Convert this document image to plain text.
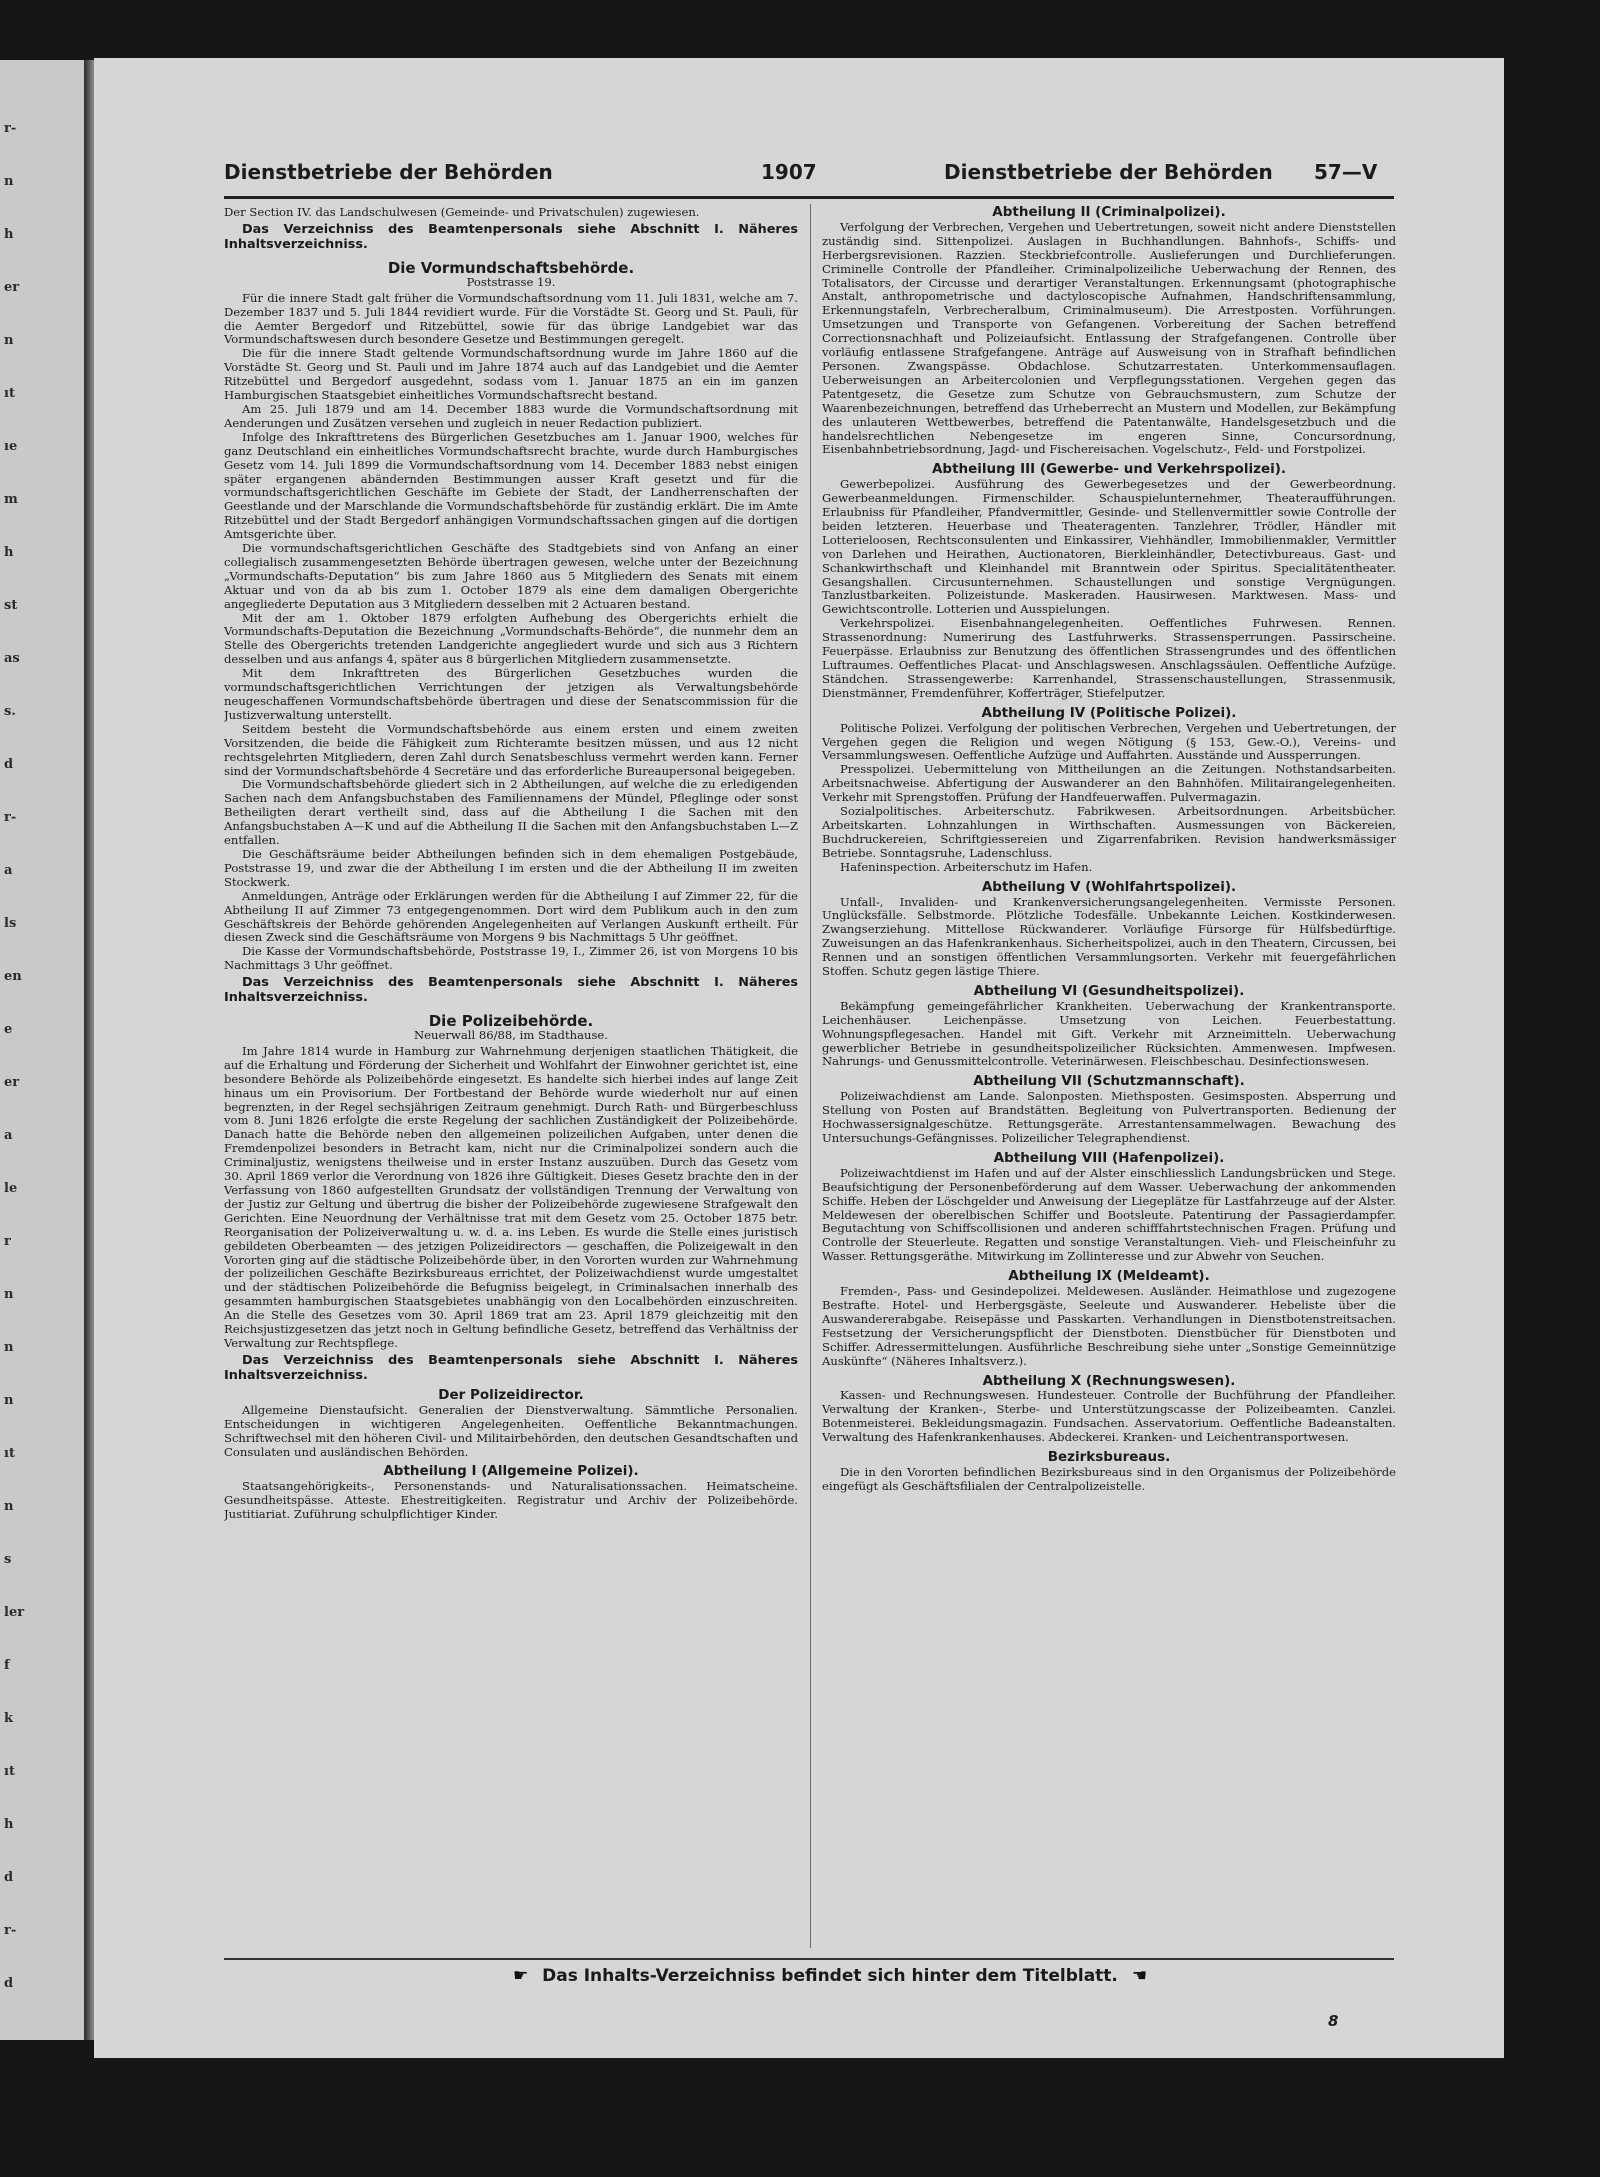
r-
n
h
er
n
ıt
ıe
m
h
st
as
s.
d
r-
a
ls
en
e
er
a
le
r
n
n
n
ıt
n
s
ler
f
k
ıt
h
d
r-
d
Dienstbetriebe der Behörden	1907	Dienstbetriebe der Behörden 57—V

Der Section IV. das Landschulwesen (Gemeinde- und Privatschulen) zugewiesen.

Das Verzeichniss des Beamtenpersonals siehe Abschnitt I. Näheres Inhaltsverzeichniss.

Die Vormundschaftsbehörde.

Poststrasse 19.

Für die innere Stadt galt früher die Vormundschaftsordnung vom 11. Juli 1831, welche am 7. Dezember 1837 und 5. Juli 1844 revidiert wurde. Für die Vorstädte St. Georg und St. Pauli, für die Aemter Bergedorf und Ritzebüttel, sowie für das übrige Landgebiet war das Vormundschaftswesen durch besondere Gesetze und Bestimmungen geregelt.

Die für die innere Stadt geltende Vormundschaftsordnung wurde im Jahre 1860 auf die Vorstädte St. Georg und St. Pauli und im Jahre 1874 auch auf das Landgebiet und die Aemter Ritzebüttel und Bergedorf ausgedehnt, sodass vom 1. Januar 1875 an ein im ganzen Hamburgischen Staatsgebiet einheitliches Vormundschaftsrecht bestand.

Am 25. Juli 1879 und am 14. December 1883 wurde die Vormundschaftsordnung mit Aenderungen und Zusätzen versehen und zugleich in neuer Redaction publiziert.

Infolge des Inkrafttretens des Bürgerlichen Gesetzbuches am 1. Januar 1900, welches für ganz Deutschland ein einheitliches Vormundschaftsrecht brachte, wurde durch Hamburgisches Gesetz vom 14. Juli 1899 die Vormundschaftsordnung vom 14. December 1883 nebst einigen später ergangenen abändernden Bestimmungen ausser Kraft gesetzt und für die vormundschaftsgerichtlichen Geschäfte im Gebiete der Stadt, der Landherrenschaften der Geestlande und der Marschlande die Vormundschaftsbehörde für zuständig erklärt. Die im Amte Ritzebüttel und der Stadt Bergedorf anhängigen Vormundschaftssachen gingen auf die dortigen Amtsgerichte über.

Die vormundschaftsgerichtlichen Geschäfte des Stadtgebiets sind von Anfang an einer collegialisch zusammengesetzten Behörde übertragen gewesen, welche unter der Bezeichnung „Vormundschafts-Deputation“ bis zum Jahre 1860 aus 5 Mitgliedern des Senats mit einem Aktuar und von da ab bis zum 1. October 1879 als eine dem damaligen Obergerichte angegliederte Deputation aus 3 Mitgliedern desselben mit 2 Actuaren bestand.

Mit der am 1. Oktober 1879 erfolgten Aufhebung des Obergerichts erhielt die Vormundschafts-Deputation die Bezeichnung „Vormundschafts-Behörde“, die nunmehr dem an Stelle des Obergerichts tretenden Landgerichte angegliedert wurde und sich aus 3 Richtern desselben und aus anfangs 4, später aus 8 bürgerlichen Mitgliedern zusammensetzte.

Mit dem Inkrafttreten des Bürgerlichen Gesetzbuches wurden die vormundschaftsgerichtlichen Verrichtungen der jetzigen als Verwaltungsbehörde neugeschaffenen Vormundschaftsbehörde übertragen und diese der Senatscommission für die Justizverwaltung unterstellt.

Seitdem besteht die Vormundschaftsbehörde aus einem ersten und einem zweiten Vorsitzenden, die beide die Fähigkeit zum Richteramte besitzen müssen, und aus 12 nicht rechtsgelehrten Mitgliedern, deren Zahl durch Senatsbeschluss vermehrt werden kann. Ferner sind der Vormundschaftsbehörde 4 Secretäre und das erforderliche Bureaupersonal beigegeben.

Die Vormundschaftsbehörde gliedert sich in 2 Abtheilungen, auf welche die zu erledigenden Sachen nach dem Anfangsbuchstaben des Familiennamens der Mündel, Pfleglinge oder sonst Betheiligten derart vertheilt sind, dass auf die Abtheilung I die Sachen mit den Anfangsbuchstaben A—K und auf die Abtheilung II die Sachen mit den Anfangsbuchstaben L—Z entfallen.

Die Geschäftsräume beider Abtheilungen befinden sich in dem ehemaligen Postgebäude, Poststrasse 19, und zwar die der Abtheilung I im ersten und die der Abtheilung II im zweiten Stockwerk.

Anmeldungen, Anträge oder Erklärungen werden für die Abtheilung I auf Zimmer 22, für die Abtheilung II auf Zimmer 73 entgegengenommen. Dort wird dem Publikum auch in den zum Geschäftskreis der Behörde gehörenden Angelegenheiten auf Verlangen Auskunft ertheilt. Für diesen Zweck sind die Geschäftsräume von Morgens 9 bis Nachmittags 5 Uhr geöffnet.

Die Kasse der Vormundschaftsbehörde, Poststrasse 19, I., Zimmer 26, ist von Morgens 10 bis Nachmittags 3 Uhr geöffnet.

Das Verzeichniss des Beamtenpersonals siehe Abschnitt I. Näheres Inhaltsverzeichniss.

Die Polizeibehörde.

Neuerwall 86/88, im Stadthause.

Im Jahre 1814 wurde in Hamburg zur Wahrnehmung derjenigen staatlichen Thätigkeit, die auf die Erhaltung und Förderung der Sicherheit und Wohlfahrt der Einwohner gerichtet ist, eine besondere Behörde als Polizeibehörde eingesetzt. Es handelte sich hierbei indes auf lange Zeit hinaus um ein Provisorium. Der Fortbestand der Behörde wurde wiederholt nur auf einen begrenzten, in der Regel sechsjährigen Zeitraum genehmigt. Durch Rath- und Bürgerbeschluss vom 8. Juni 1826 erfolgte die erste Regelung der sachlichen Zuständigkeit der Polizeibehörde. Danach hatte die Behörde neben den allgemeinen polizeilichen Aufgaben, unter denen die Fremdenpolizei besonders in Betracht kam, nicht nur die Criminalpolizei sondern auch die Criminaljustiz, wenigstens theilweise und in erster Instanz auszuüben. Durch das Gesetz vom 30. April 1869 verlor die Verordnung von 1826 ihre Gültigkeit. Dieses Gesetz brachte den in der Verfassung von 1860 aufgestellten Grundsatz der vollständigen Trennung der Verwaltung von der Justiz zur Geltung und übertrug die bisher der Polizeibehörde zugewiesene Strafgewalt den Gerichten. Eine Neuordnung der Verhältnisse trat mit dem Gesetz vom 25. October 1875 betr. Reorganisation der Polizeiverwaltung u. w. d. a. ins Leben. Es wurde die Stelle eines juristisch gebildeten Oberbeamten — des jetzigen Polizeidirectors — geschaffen, die Polizeigewalt in den Vororten ging auf die städtische Polizeibehörde über, in den Vororten wurden zur Wahrnehmung der polizeilichen Geschäfte Bezirksbureaus errichtet, der Polizeiwachdienst wurde umgestaltet und der städtischen Polizeibehörde die Befugniss beigelegt, in Criminalsachen innerhalb des gesammten hamburgischen Staatsgebietes unabhängig von den Localbehörden einzuschreiten. An die Stelle des Gesetzes vom 30. April 1869 trat am 23. April 1879 gleichzeitig mit den Reichsjustizgesetzen das jetzt noch in Geltung befindliche Gesetz, betreffend das Verhältniss der Verwaltung zur Rechtspflege.

Das Verzeichniss des Beamtenpersonals siehe Abschnitt I. Näheres Inhaltsverzeichniss.

Der Polizeidirector.

Allgemeine Dienstaufsicht. Generalien der Dienstverwaltung. Sämmtliche Personalien. Entscheidungen in wichtigeren Angelegenheiten. Oeffentliche Bekanntmachungen. Schriftwechsel mit den höheren Civil- und Militairbehörden, den deutschen Gesandtschaften und Consulaten und ausländischen Behörden.

Abtheilung I (Allgemeine Polizei).

Staatsangehörigkeits-, Personenstands- und Naturalisationssachen. Heimatscheine. Gesundheitspässe. Atteste. Ehestreitigkeiten. Registratur und Archiv der Polizeibehörde. Justitiariat. Zuführung schulpflichtiger Kinder.

Abtheilung II (Criminalpolizei).

Verfolgung der Verbrechen, Vergehen und Uebertretungen, soweit nicht andere Dienststellen zuständig sind. Sittenpolizei. Auslagen in Buchhandlungen. Bahnhofs-, Schiffs- und Herbergsrevisionen. Razzien. Steckbriefcontrolle. Auslieferungen und Durchlieferungen. Criminelle Controlle der Pfandleiher. Criminalpolizeiliche Ueberwachung der Rennen, des Totalisators, der Circusse und derartiger Veranstaltungen. Erkennungsamt (photographische Anstalt, anthropometrische und dactyloscopische Aufnahmen, Handschriftensammlung, Erkennungstafeln, Verbrecheralbum, Criminalmuseum). Die Arrestposten. Vorführungen. Umsetzungen und Transporte von Gefangenen. Vorbereitung der Sachen betreffend Correctionsnachhaft und Polizeiaufsicht. Entlassung der Strafgefangenen. Controlle über vorläufig entlassene Strafgefangene. Anträge auf Ausweisung von in Strafhaft befindlichen Personen. Zwangspässe. Obdachlose. Schutzarrestaten. Unterkommensauflagen. Ueberweisungen an Arbeitercolonien und Verpflegungsstationen. Vergehen gegen das Patentgesetz, die Gesetze zum Schutze von Gebrauchsmustern, zum Schutze der Waarenbezeichnungen, betreffend das Urheberrecht an Mustern und Modellen, zur Bekämpfung des unlauteren Wettbewerbes, betreffend die Patentanwälte, Handelsgesetzbuch und die handelsrechtlichen Nebengesetze im engeren Sinne, Concursordnung, Eisenbahnbetriebsordnung, Jagd- und Fischereisachen. Vogelschutz-, Feld- und Forstpolizei.

Abtheilung III (Gewerbe- und Verkehrspolizei).

Gewerbepolizei. Ausführung des Gewerbegesetzes und der Gewerbeordnung. Gewerbeanmeldungen. Firmenschilder. Schauspielunternehmer, Theateraufführungen. Erlaubniss für Pfandleiher, Pfandvermittler, Gesinde- und Stellenvermittler sowie Controlle der beiden letzteren. Heuerbase und Theateragenten. Tanzlehrer, Trödler, Händler mit Lotterieloosen, Rechtsconsulenten und Einkassirer, Viehhändler, Immobilienmakler, Vermittler von Darlehen und Heirathen, Auctionatoren, Bierkleinhändler, Detectivbureaus. Gast- und Schankwirthschaft und Kleinhandel mit Branntwein oder Spiritus. Specialitätentheater. Gesangshallen. Circusunternehmen. Schaustellungen und sonstige Vergnügungen. Tanzlustbarkeiten. Polizeistunde. Maskeraden. Hausirwesen. Marktwesen. Mass- und Gewichtscontrolle. Lotterien und Ausspielungen.

Verkehrspolizei. Eisenbahnangelegenheiten. Oeffentliches Fuhrwesen. Rennen. Strassenordnung: Numerirung des Lastfuhrwerks. Strassensperrungen. Passirscheine. Feuerpässe. Erlaubniss zur Benutzung des öffentlichen Strassengrundes und des öffentlichen Luftraumes. Oeffentliches Placat- und Anschlagswesen. Anschlagssäulen. Oeffentliche Aufzüge. Ständchen. Strassengewerbe: Karrenhandel, Strassenschaustellungen, Strassenmusik, Dienstmänner, Fremdenführer, Kofferträger, Stiefelputzer.

Abtheilung IV (Politische Polizei).

Politische Polizei. Verfolgung der politischen Verbrechen, Vergehen und Uebertretungen, der Vergehen gegen die Religion und wegen Nötigung (§ 153, Gew.-O.), Vereins- und Versammlungswesen. Oeffentliche Aufzüge und Auffahrten. Ausstände und Aussperrungen.

Presspolizei. Uebermittelung von Mittheilungen an die Zeitungen. Nothstandsarbeiten. Arbeitsnachweise. Abfertigung der Auswanderer an den Bahnhöfen. Militairangelegenheiten. Verkehr mit Sprengstoffen. Prüfung der Handfeuerwaffen. Pulvermagazin.

Sozialpolitisches. Arbeiterschutz. Fabrikwesen. Arbeitsordnungen. Arbeitsbücher. Arbeitskarten. Lohnzahlungen in Wirthschaften. Ausmessungen von Bäckereien, Buchdruckereien, Schriftgiessereien und Zigarrenfabriken. Revision handwerksmässiger Betriebe. Sonntagsruhe, Ladenschluss.

Hafeninspection. Arbeiterschutz im Hafen.

Abtheilung V (Wohlfahrtspolizei).

Unfall-, Invaliden- und Krankenversicherungsangelegenheiten. Vermisste Personen. Unglücksfälle. Selbstmorde. Plötzliche Todesfälle. Unbekannte Leichen. Kostkinderwesen. Zwangserziehung. Mittellose Rückwanderer. Vorläufige Fürsorge für Hülfsbedürftige. Zuweisungen an das Hafenkrankenhaus. Sicherheitspolizei, auch in den Theatern, Circussen, bei Rennen und an sonstigen öffentlichen Versammlungsorten. Verkehr mit feuergefährlichen Stoffen. Schutz gegen lästige Thiere.

Abtheilung VI (Gesundheitspolizei).

Bekämpfung gemeingefährlicher Krankheiten. Ueberwachung der Krankentransporte. Leichenhäuser. Leichenpässe. Umsetzung von Leichen. Feuerbestattung. Wohnungspflegesachen. Handel mit Gift. Verkehr mit Arzneimitteln. Ueberwachung gewerblicher Betriebe in gesundheitspolizeilicher Rücksichten. Ammenwesen. Impfwesen. Nahrungs- und Genussmittelcontrolle. Veterinärwesen. Fleischbeschau. Desinfectionswesen.

Abtheilung VII (Schutzmannschaft).

Polizeiwachdienst am Lande. Salonposten. Miethsposten. Gesimsposten. Absperrung und Stellung von Posten auf Brandstätten. Begleitung von Pulvertransporten. Bedienung der Hochwassersignalgeschütze. Rettungsgeräte. Arrestantensammelwagen. Bewachung des Untersuchungs-Gefängnisses. Polizeilicher Telegraphendienst.

Abtheilung VIII (Hafenpolizei).

Polizeiwachtdienst im Hafen und auf der Alster einschliesslich Landungsbrücken und Stege. Beaufsichtigung der Personenbeförderung auf dem Wasser. Ueberwachung der ankommenden Schiffe. Heben der Löschgelder und Anweisung der Liegeplätze für Lastfahrzeuge auf der Alster. Meldewesen der oberelbischen Schiffer und Bootsleute. Patentirung der Passagierdampfer. Begutachtung von Schiffscollisionen und anderen schifffahrtstechnischen Fragen. Prüfung und Controlle der Steuerleute. Regatten und sonstige Veranstaltungen. Vieh- und Fleischeinfuhr zu Wasser. Rettungsgeräthe. Mitwirkung im Zollinteresse und zur Abwehr von Seuchen.

Abtheilung IX (Meldeamt).

Fremden-, Pass- und Gesindepolizei. Meldewesen. Ausländer. Heimathlose und zugezogene Bestrafte. Hotel- und Herbergsgäste, Seeleute und Auswanderer. Hebeliste über die Auswandererabgabe. Reisepässe und Passkarten. Verhandlungen in Dienstbotenstreitsachen. Festsetzung der Versicherungspflicht der Dienstboten. Dienstbücher für Dienstboten und Schiffer. Adressermittelungen. Ausführliche Beschreibung siehe unter „Sonstige Gemeinnützige Auskünfte“ (Näheres Inhaltsverz.).

Abtheilung X (Rechnungswesen).

Kassen- und Rechnungswesen. Hundesteuer. Controlle der Buchführung der Pfandleiher. Verwaltung der Kranken-, Sterbe- und Unterstützungscasse der Polizeibeamten. Canzlei. Botenmeisterei. Bekleidungsmagazin. Fundsachen. Asservatorium. Oeffentliche Badeanstalten. Verwaltung des Hafenkrankenhauses. Abdeckerei. Kranken- und Leichentransportwesen.

Bezirksbureaus.

Die in den Vororten befindlichen Bezirksbureaus sind in den Organismus der Polizeibehörde eingefügt als Geschäftsfilialen der Centralpolizeistelle.

☛ Das Inhalts-Verzeichniss befindet sich hinter dem Titelblatt. ☚
8
